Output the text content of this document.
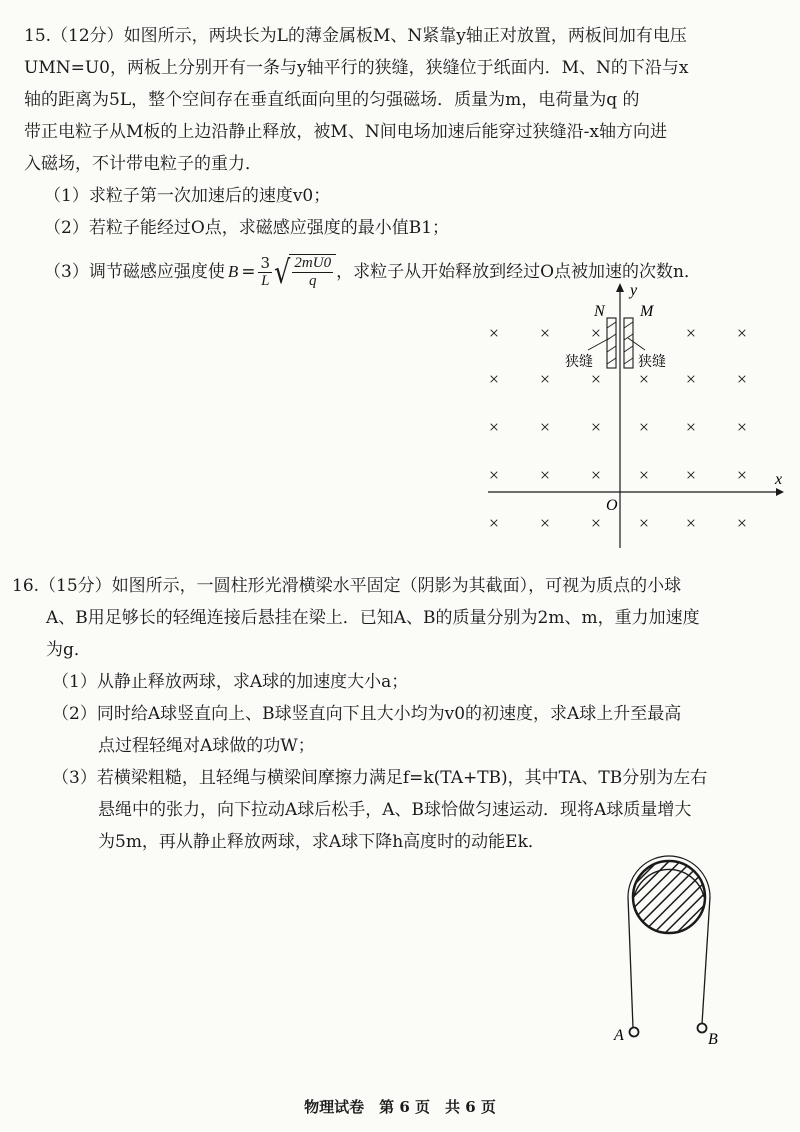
15.（12分）如图所示，两块长为L的薄金属板M、N紧靠y轴正对放置，两板间加有电压
UMN=U0，两板上分别开有一条与y轴平行的狭缝，狭缝位于纸面内．M、N的下沿与x
轴的距离为5L，整个空间存在垂直纸面向里的匀强磁场．质量为m，电荷量为q 的
带正电粒子从M板的上边沿静止释放，被M、N间电场加速后能穿过狭缝沿-x轴方向进
入磁场，不计带电粒子的重力．
（1）求粒子第一次加速后的速度v0；
（2）若粒子能经过O点，求磁感应强度的最小值B1；
（3）调节磁感应强度使 $B = \frac{3}{L}$ √ $\frac{2mU0}{q}$ ，求粒子从开始释放到经过O点被加速的次数n．
× × ×	× ×
× × × × × ×
× × × × × ×
× × × × × ×
× × × × × ×
y
x
O
N M
狭缝	狭缝
16.（15分）如图所示，一圆柱形光滑横梁水平固定（阴影为其截面），可视为质点的小球
A、B用足够长的轻绳连接后悬挂在梁上．已知A、B的质量分别为2m、m，重力加速度
为g．
（1）从静止释放两球，求A球的加速度大小a；
（2）同时给A球竖直向上、B球竖直向下且大小均为v0的初速度，求A球上升至最高
点过程轻绳对A球做的功W；
（3）若横梁粗糙，且轻绳与横梁间摩擦力满足f=k(TA+TB)，其中TA、TB分别为左右
悬绳中的张力，向下拉动A球后松手，A、B球恰做匀速运动．现将A球质量增大
为5m，再从静止释放两球，求A球下降h高度时的动能Ek．
A	B
物理试卷　第 6 页　共 6 页
